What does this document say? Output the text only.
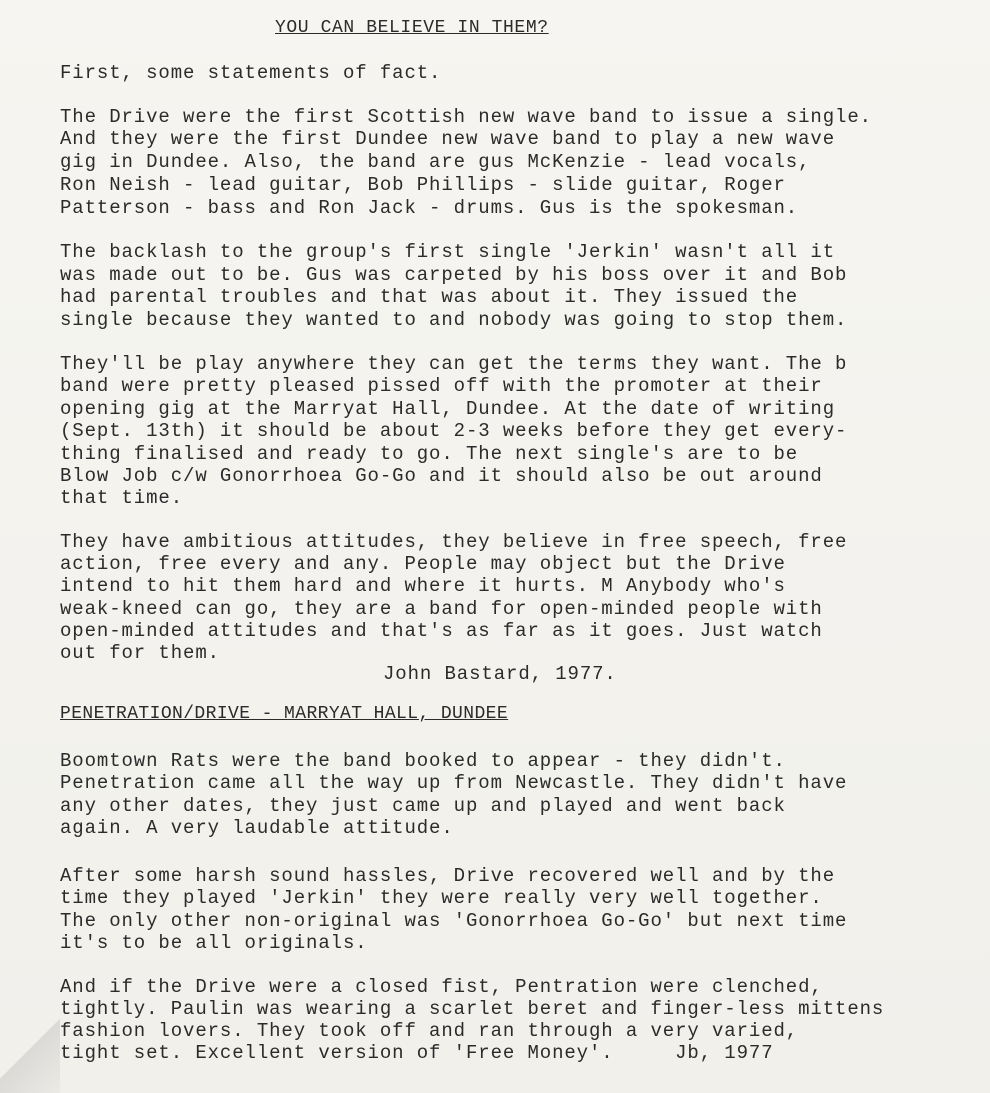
YOU CAN BELIEVE IN THEM?
First, some statements of fact.
The Drive were the first Scottish new wave band to issue a single.
And they were the first Dundee new wave band to play a new wave
gig in Dundee. Also, the band are gus McKenzie - lead vocals,
Ron Neish - lead guitar, Bob Phillips - slide guitar, Roger
Patterson - bass and Ron Jack - drums. Gus is the spokesman.
The backlash to the group's first single 'Jerkin' wasn't all it
was made out to be. Gus was carpeted by his boss over it and Bob
had parental troubles and that was about it. They issued the
single because they wanted to and nobody was going to stop them.
They'll be play anywhere they can get the terms they want. The b
band were pretty pleased pissed off with the promoter at their
opening gig at the Marryat Hall, Dundee. At the date of writing
(Sept. 13th) it should be about 2-3 weeks before they get every-
thing finalised and ready to go. The next single's are to be
Blow Job c/w Gonorrhoea Go-Go and it should also be out around
that time.
They have ambitious attitudes, they believe in free speech, free
action, free every and any. People may object but the Drive
intend to hit them hard and where it hurts. M Anybody who's
weak-kneed can go, they are a band for open-minded people with
open-minded attitudes and that's as far as it goes. Just watch
out for them.
John Bastard, 1977.
PENETRATION/DRIVE - MARRYAT HALL, DUNDEE
Boomtown Rats were the band booked to appear - they didn't.
Penetration came all the way up from Newcastle. They didn't have
any other dates, they just came up and played and went back
again. A very laudable attitude.
After some harsh sound hassles, Drive recovered well and by the
time they played 'Jerkin' they were really very well together.
The only other non-original was 'Gonorrhoea Go-Go' but next time
it's to be all originals.
And if the Drive were a closed fist, Pentration were clenched,
tightly. Paulin was wearing a scarlet beret and finger-less mittens
fashion lovers. They took off and ran through a very varied,
tight set. Excellent version of 'Free Money'.     Jb, 1977
